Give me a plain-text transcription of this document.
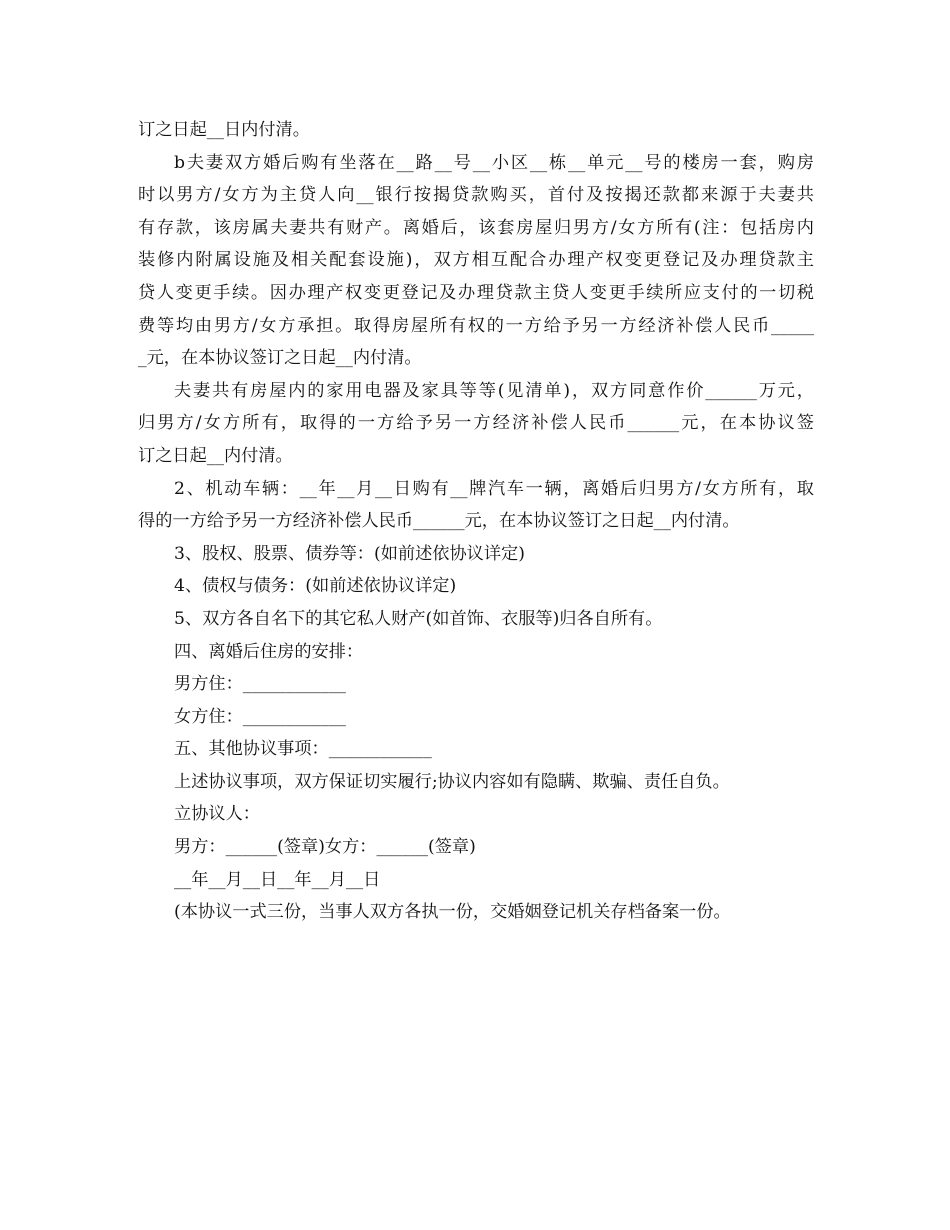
订之日起__日内付清。
b夫妻双方婚后购有坐落在__路__号__小区__栋__单元__号的楼房一套，购房
时以男方/女方为主贷人向__银行按揭贷款购买，首付及按揭还款都来源于夫妻共
有存款，该房属夫妻共有财产。离婚后，该套房屋归男方/女方所有(注：包括房内
装修内附属设施及相关配套设施)，双方相互配合办理产权变更登记及办理贷款主
贷人变更手续。因办理产权变更登记及办理贷款主贷人变更手续所应支付的一切税
费等均由男方/女方承担。取得房屋所有权的一方给予另一方经济补偿人民币_____
_元，在本协议签订之日起__内付清。
夫妻共有房屋内的家用电器及家具等等(见清单)，双方同意作价______万元，
归男方/女方所有，取得的一方给予另一方经济补偿人民币______元，在本协议签
订之日起__内付清。
2、机动车辆：__年__月__日购有__牌汽车一辆，离婚后归男方/女方所有，取
得的一方给予另一方经济补偿人民币______元，在本协议签订之日起__内付清。
3、股权、股票、债券等：(如前述依协议详定)
4、债权与债务：(如前述依协议详定)
5、双方各自名下的其它私人财产(如首饰、衣服等)归各自所有。
四、离婚后住房的安排：
男方住：____________
女方住：____________
五、其他协议事项：____________
上述协议事项，双方保证切实履行;协议内容如有隐瞒、欺骗、责任自负。
立协议人：
男方：______(签章)女方：______(签章)
__年__月__日__年__月__日
(本协议一式三份，当事人双方各执一份，交婚姻登记机关存档备案一份。
